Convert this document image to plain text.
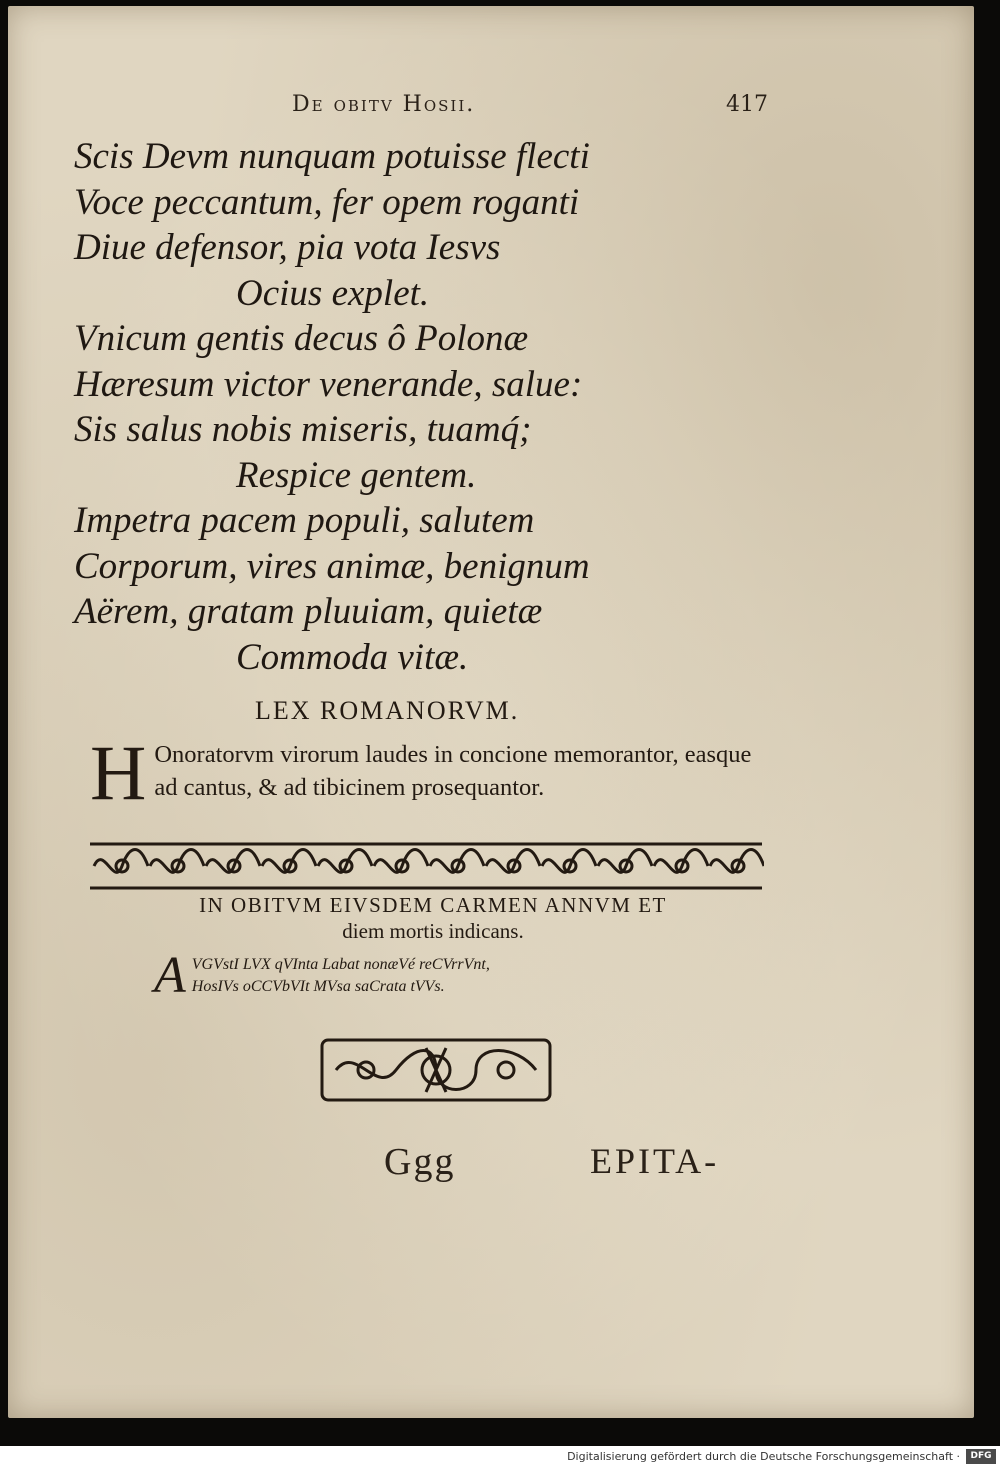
De obitv Hosii.	417
Scis Devm nunquam potuisse flecti
Voce peccantum, fer opem roganti
Diue defensor, pia vota Iesvs
Ocius explet.
Vnicum gentis decus ô Polonæ
Hæresum victor venerande, salue:
Sis salus nobis miseris, tuamq́;
Respice gentem.
Impetra pacem populi, salutem
Corporum, vires animæ, benignum
Aërem, gratam pluuiam, quietæ
Commoda vitæ.
LEX ROMANORVM.
H Onoratorvm virorum laudes in concione memorantor, easque ad cantus, & ad tibicinem prosequantor.
IN OBITVM EIVSDEM CARMEN ANNVM ET
diem mortis indicans.
A VGVstI LVX qVInta Labat nonæVé reCVrrVnt,
HosIVs oCCVbVIt MVsa saCrata tVVs.
Ggg	EPITA-
Digitalisierung gefördert durch die Deutsche Forschungsgemeinschaft ·	DFG
